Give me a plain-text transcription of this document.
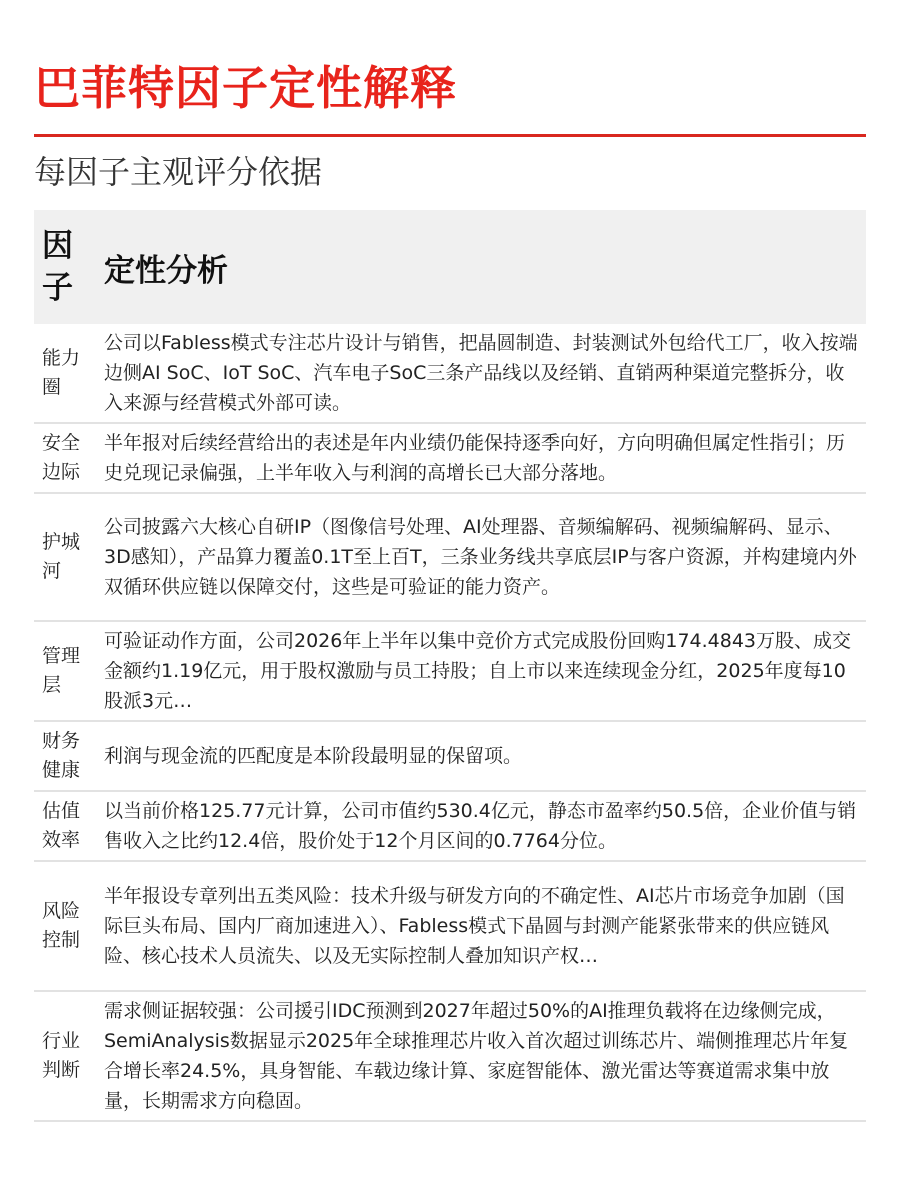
巴菲特因子定性解释
每因子主观评分依据
因子	定性分析
能力圈
公司以Fabless模式专注芯片设计与销售，把晶圆制造、封装测试外包给代工厂，收入按端边侧AI SoC、IoT SoC、汽车电子SoC三条产品线以及经销、直销两种渠道完整拆分，收入来源与经营模式外部可读。
安全边际
半年报对后续经营给出的表述是年内业绩仍能保持逐季向好，方向明确但属定性指引；历史兑现记录偏强，上半年收入与利润的高增长已大部分落地。
护城河
公司披露六大核心自研IP（图像信号处理、AI处理器、音频编解码、视频编解码、显示、3D感知），产品算力覆盖0.1T至上百T，三条业务线共享底层IP与客户资源，并构建境内外双循环供应链以保障交付，这些是可验证的能力资产。
管理层
可验证动作方面，公司2026年上半年以集中竞价方式完成股份回购174.4843万股、成交金额约1.19亿元，用于股权激励与员工持股；自上市以来连续现金分红，2025年度每10股派3元…
财务健康
利润与现金流的匹配度是本阶段最明显的保留项。
估值效率
以当前价格125.77元计算，公司市值约530.4亿元，静态市盈率约50.5倍，企业价值与销售收入之比约12.4倍，股价处于12个月区间的0.7764分位。
风险控制
半年报设专章列出五类风险：技术升级与研发方向的不确定性、AI芯片市场竞争加剧（国际巨头布局、国内厂商加速进入）、Fabless模式下晶圆与封测产能紧张带来的供应链风险、核心技术人员流失、以及无实际控制人叠加知识产权…
行业判断
需求侧证据较强：公司援引IDC预测到2027年超过50%的AI推理负载将在边缘侧完成，SemiAnalysis数据显示2025年全球推理芯片收入首次超过训练芯片、端侧推理芯片年复合增长率24.5%，具身智能、车载边缘计算、家庭智能体、激光雷达等赛道需求集中放量，长期需求方向稳固。
